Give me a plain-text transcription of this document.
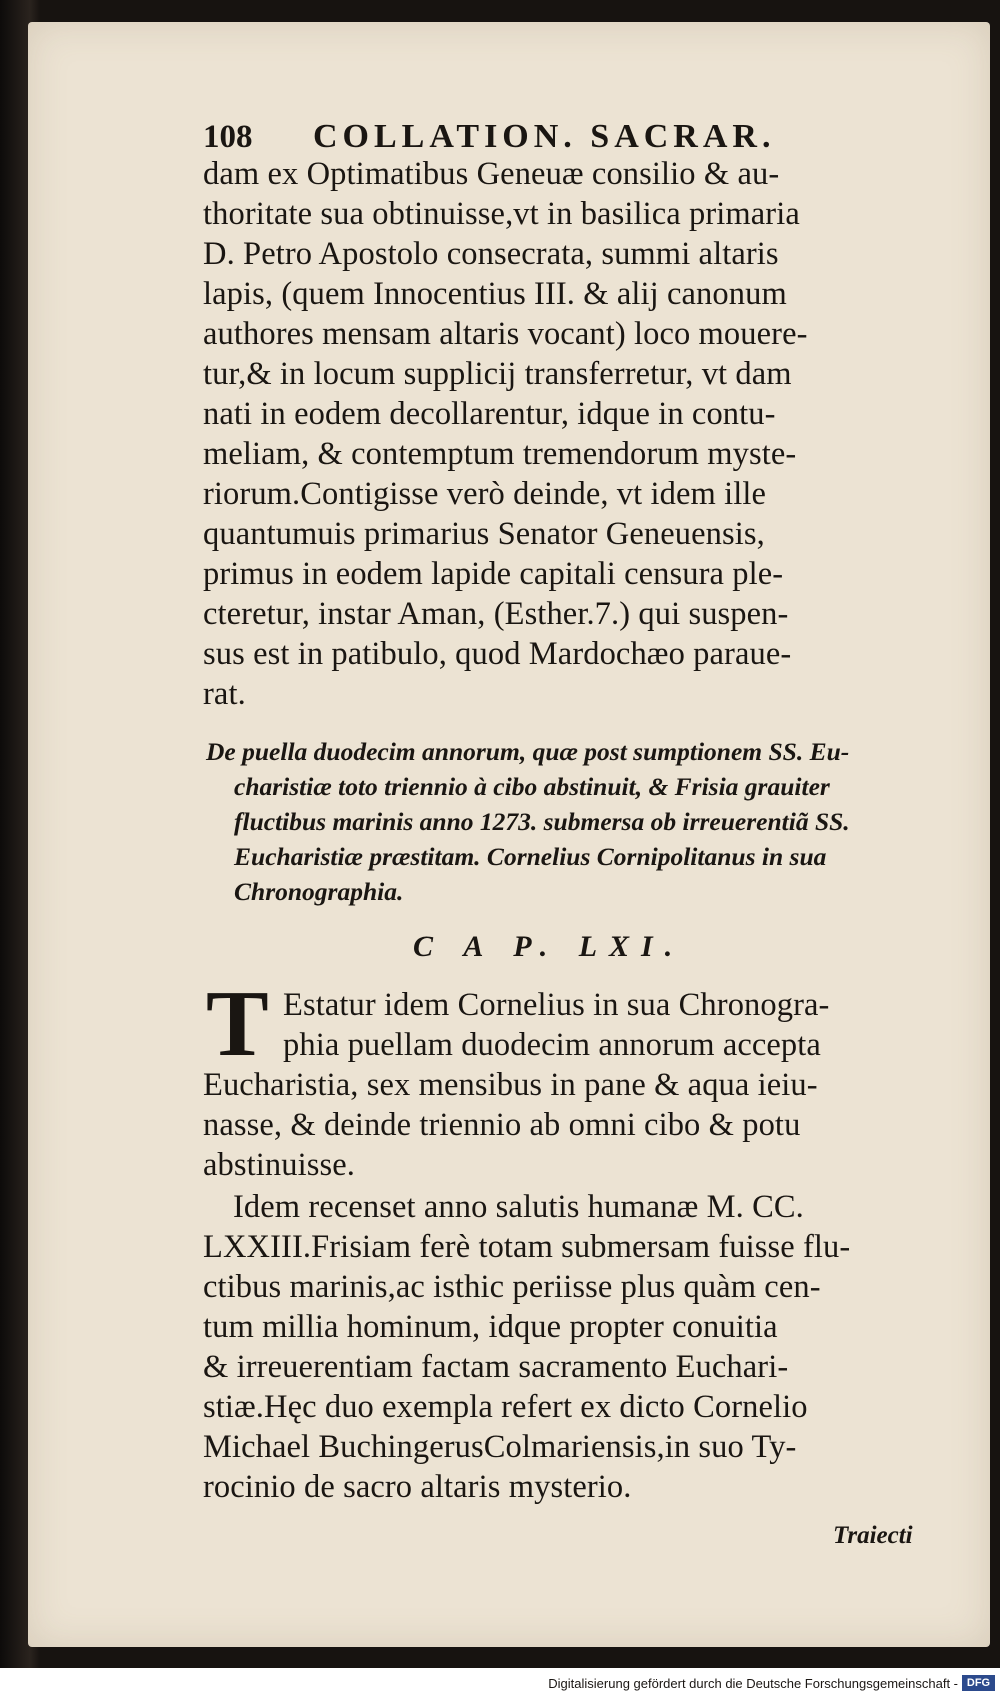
108	COLLATION. SACRAR.
dam ex Optimatibus Geneuæ consilio & au-
thoritate sua obtinuisse,vt in basilica primaria
D. Petro Apostolo consecrata, summi altaris
lapis, (quem Innocentius III. & alij canonum
authores mensam altaris vocant) loco mouere-
tur,& in locum supplicij transferretur, vt dam
nati in eodem decollarentur, idque in contu-
meliam, & contemptum tremendorum myste-
riorum.Contigisse verò deinde, vt idem ille
quantumuis primarius Senator Geneuensis,
primus in eodem lapide capitali censura ple-
cteretur, instar Aman, (Esther.7.) qui suspen-
sus est in patibulo, quod Mardochæo paraue-
rat.
De puella duodecim annorum, quæ post sumptionem SS. Eu-
charistiæ toto triennio à cibo abstinuit, & Frisia grauiter
fluctibus marinis anno 1273. submersa ob irreuerentiã SS.
Eucharistiæ præstitam. Cornelius Cornipolitanus in sua
Chronographia.
C A P. LXI.
T Estatur idem Cornelius in sua Chronogra-
phia puellam duodecim annorum accepta
Eucharistia, sex mensibus in pane & aqua ieiu-
nasse, & deinde triennio ab omni cibo & potu
abstinuisse.
Idem recenset anno salutis humanæ M. CC.
LXXIII.Frisiam ferè totam submersam fuisse flu-
ctibus marinis,ac isthic periisse plus quàm cen-
tum millia hominum, idque propter conuitia
& irreuerentiam factam sacramento Euchari-
stiæ.Hęc duo exempla refert ex dicto Cornelio
Michael BuchingerusColmariensis,in suo Ty-
rocinio de sacro altaris mysterio.
Traiecti
Digitalisierung gefördert durch die Deutsche Forschungsgemeinschaft - DFG
